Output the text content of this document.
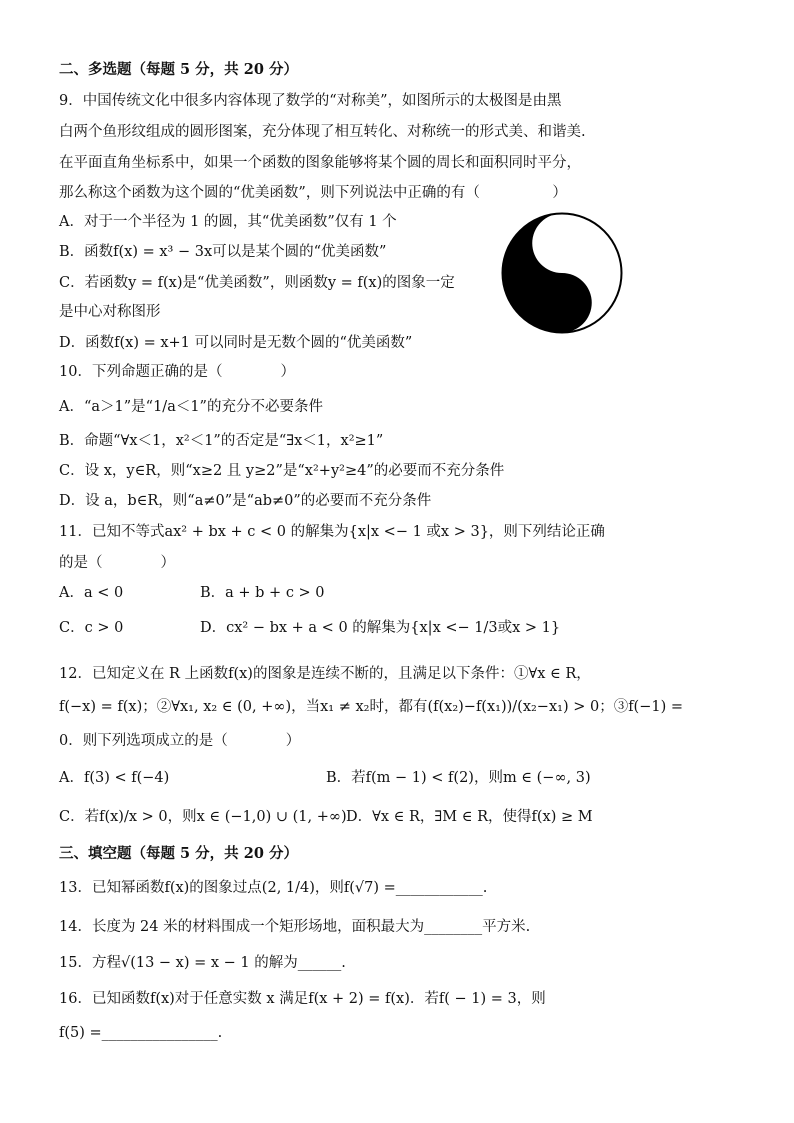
二、多选题（每题 5 分，共 20 分）
9．中国传统文化中很多内容体现了数学的“对称美”，如图所示的太极图是由黑
白两个鱼形纹组成的圆形图案，充分体现了相互转化、对称统一的形式美、和谐美.
在平面直角坐标系中，如果一个函数的图象能够将某个圆的周长和面积同时平分，
那么称这个函数为这个圆的“优美函数”，则下列说法中正确的有（　　　　　）
A．对于一个半径为 1 的圆，其“优美函数”仅有 1 个
B．函数f(x) = x³ − 3x可以是某个圆的“优美函数”
C．若函数y = f(x)是“优美函数”，则函数y = f(x)的图象一定
是中心对称图形
D．函数f(x) = x+1 可以同时是无数个圆的“优美函数”
10．下列命题正确的是（　　　　）
A．“a＞1”是“1/a＜1”的充分不必要条件
B．命题“∀x＜1，x²＜1”的否定是“∃x＜1，x²≥1”
C．设 x，y∈R，则“x≥2 且 y≥2”是“x²+y²≥4”的必要而不充分条件
D．设 a，b∈R，则“a≠0”是“ab≠0”的必要而不充分条件
11．已知不等式ax² + bx + c < 0 的解集为{x|x <− 1 或x > 3}，则下列结论正确
的是（　　　　）
A．a < 0	B．a + b + c > 0
C．c > 0	D．cx² − bx + a < 0 的解集为{x|x <− 1/3或x > 1}
12．已知定义在 R 上函数f(x)的图象是连续不断的，且满足以下条件：①∀x ∈ R，
f(−x) = f(x)；②∀x₁, x₂ ∈ (0, +∞)，当x₁ ≠ x₂时，都有(f(x₂)−f(x₁))/(x₂−x₁) > 0；③f(−1) =
0．则下列选项成立的是（　　　　）
A．f(3) < f(−4)	B．若f(m − 1) < f(2)，则m ∈ (−∞, 3)
C．若f(x)/x > 0，则x ∈ (−1,0) ∪ (1, +∞) D．∀x ∈ R，∃M ∈ R，使得f(x) ≥ M
三、填空题（每题 5 分，共 20 分）
13．已知幂函数f(x)的图象过点(2, 1/4)，则f(√7) =____________.
14．长度为 24 米的材料围成一个矩形场地，面积最大为________平方米.
15．方程√(13 − x) = x − 1 的解为______.
16．已知函数f(x)对于任意实数 x 满足f(x + 2) = f(x)．若f( − 1) = 3，则
f(5) =________________.
